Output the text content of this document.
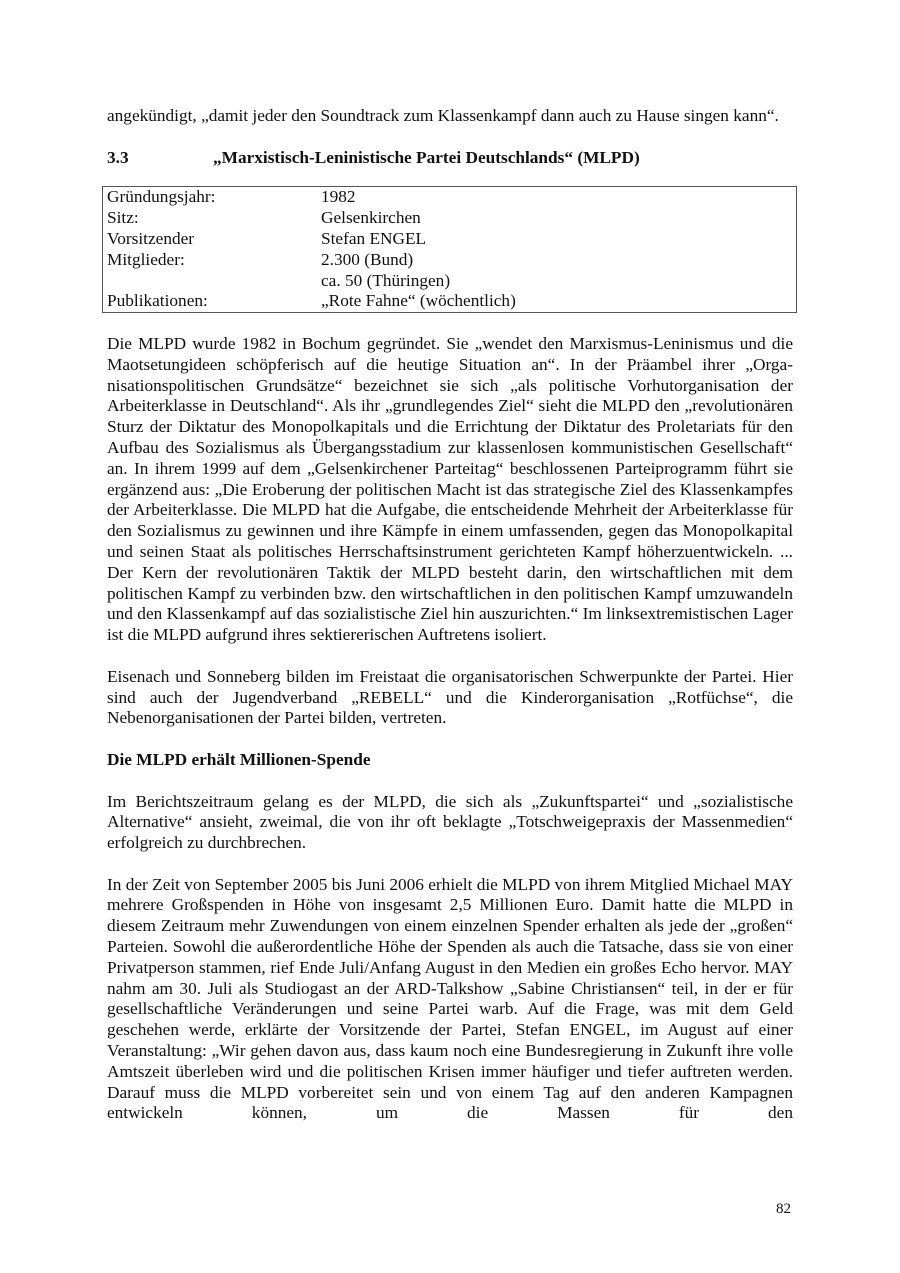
angekündigt, „damit jeder den Soundtrack zum Klassenkampf dann auch zu Hause singen kann“.

3.3	„Marxistisch-Leninistische Partei Deutschlands“ (MLPD)
Gründungsjahr:	1982
Sitz:	Gelsenkirchen
Vorsitzender	Stefan ENGEL
Mitglieder:	2.300 (Bund)
	ca. 50 (Thüringen)
Publikationen:	„Rote Fahne“ (wöchentlich)

Die MLPD wurde 1982 in Bochum gegründet. Sie „wendet den Marxismus-Leninismus und die Maotsetungideen schöpferisch auf die heutige Situation an“. In der Präambel ihrer „Organisationspolitischen Grundsätze“ bezeichnet sie sich „als politische Vorhutorganisation der Arbeiterklasse in Deutschland“. Als ihr „grundlegendes Ziel“ sieht die MLPD den „revolutionären Sturz der Diktatur des Monopolkapitals und die Errichtung der Diktatur des Proletariats für den Aufbau des Sozialismus als Übergangsstadium zur klassenlosen kommunistischen Gesellschaft“ an. In ihrem 1999 auf dem „Gelsenkirchener Parteitag“ beschlossenen Parteiprogramm führt sie ergänzend aus: „Die Eroberung der politischen Macht ist das strategische Ziel des Klassenkampfes der Arbeiterklasse. Die MLPD hat die Aufgabe, die entscheidende Mehrheit der Arbeiterklasse für den Sozialismus zu gewinnen und ihre Kämpfe in einem umfassenden, gegen das Monopolkapital und seinen Staat als politisches Herrschaftsinstrument gerichteten Kampf höherzuentwickeln. ... Der Kern der revolutionären Taktik der MLPD besteht darin, den wirtschaftlichen mit dem politischen Kampf zu verbinden bzw. den wirtschaftlichen in den politischen Kampf umzuwandeln und den Klassenkampf auf das sozialistische Ziel hin auszurichten.“ Im linksextremistischen Lager ist die MLPD aufgrund ihres sektiererischen Auftretens isoliert.

Eisenach und Sonneberg bilden im Freistaat die organisatorischen Schwerpunkte der Partei. Hier sind auch der Jugendverband „REBELL“ und die Kinderorganisation „Rotfüchse“, die Nebenorganisationen der Partei bilden, vertreten.

Die MLPD erhält Millionen-Spende

Im Berichtszeitraum gelang es der MLPD, die sich als „Zukunftspartei“ und „sozialistische Alternative“ ansieht, zweimal, die von ihr oft beklagte „Totschweigepraxis der Massenmedien“ erfolgreich zu durchbrechen.

In der Zeit von September 2005 bis Juni 2006 erhielt die MLPD von ihrem Mitglied Michael MAY mehrere Großspenden in Höhe von insgesamt 2,5 Millionen Euro. Damit hatte die MLPD in diesem Zeitraum mehr Zuwendungen von einem einzelnen Spender erhalten als jede der „großen“ Parteien. Sowohl die außerordentliche Höhe der Spenden als auch die Tatsache, dass sie von einer Privatperson stammen, rief Ende Juli/Anfang August in den Medien ein großes Echo hervor. MAY nahm am 30. Juli als Studiogast an der ARD-Talkshow „Sabine Christiansen“ teil, in der er für gesellschaftliche Veränderungen und seine Partei warb. Auf die Frage, was mit dem Geld geschehen werde, erklärte der Vorsitzende der Partei, Stefan ENGEL, im August auf einer Veranstaltung: „Wir gehen davon aus, dass kaum noch eine Bundesregierung in Zukunft ihre volle Amtszeit überleben wird und die politischen Krisen immer häufiger und tiefer auftreten werden. Darauf muss die MLPD vorbereitet sein und von einem Tag auf den anderen Kampagnen entwickeln können, um die Massen für den

82
